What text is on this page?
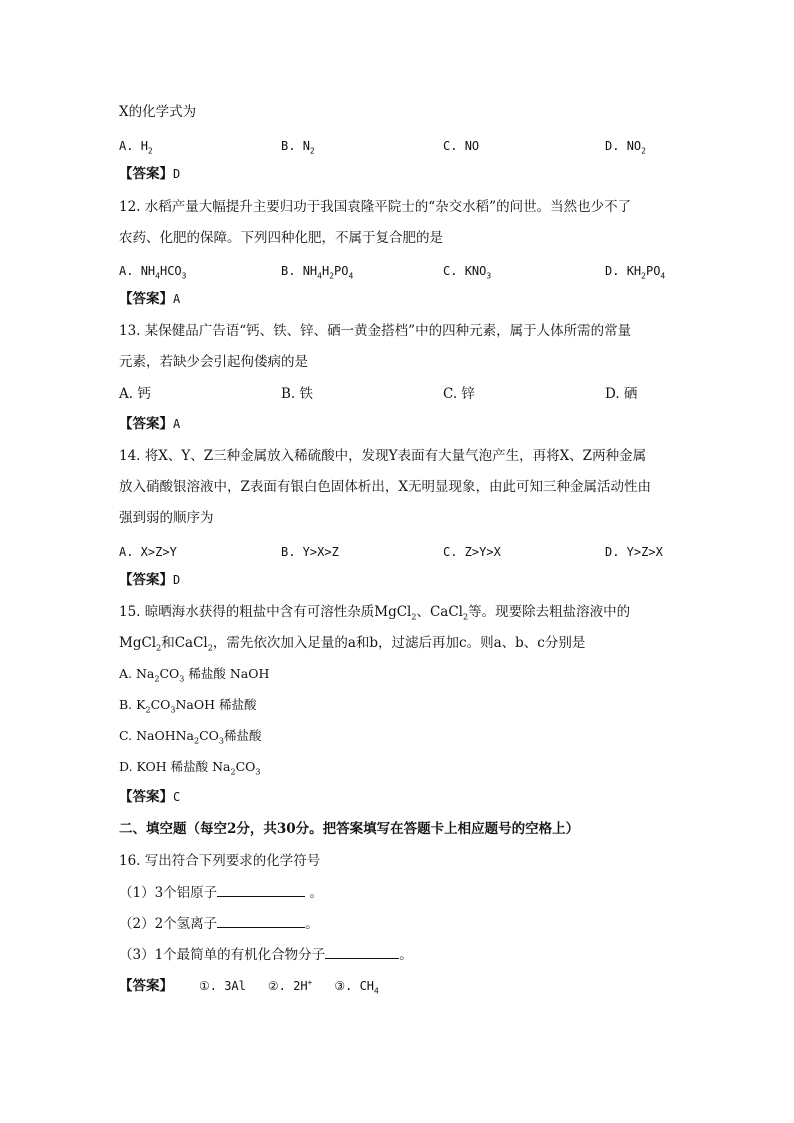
X的化学式为
A. $H_2$	B. $N_2$	C. NO	D. $NO_2$
【答案】D
12. 水稻产量大幅提升主要归功于我国袁隆平院士的“杂交水稻”的问世。当然也少不了
农药、化肥的保障。下列四种化肥，不属于复合肥的是
A. $NH_4HCO_3$	B. $NH_4H_2PO_4$	C. $KNO_3$	D. $KH_2PO_4$
【答案】A
13. 某保健品广告语“钙、铁、锌、硒一黄金搭档”中的四种元素，属于人体所需的常量
元素，若缺少会引起佝偻病的是
A. 钙	B. 铁	C. 锌	D. 硒
【答案】A
14. 将X、Y、Z三种金属放入稀硫酸中，发现Y表面有大量气泡产生，再将X、Z两种金属
放入硝酸银溶液中，Z表面有银白色固体析出，X无明显现象，由此可知三种金属活动性由
强到弱的顺序为
A. X>Z>Y	B. Y>X>Z	C. Z>Y>X	D. Y>Z>X
【答案】D
15. 晾晒海水获得的粗盐中含有可溶性杂质MgCl$_2$、CaCl$_2$等。现要除去粗盐溶液中的
MgCl$_2$和CaCl$_2$，需先依次加入足量的a和b，过滤后再加c。则a、b、c分别是
A. $Na_2CO_3$ 稀盐酸 NaOH
B. $K_2CO_3NaOH$ 稀盐酸
C. $NaOHNa_2CO_3$稀盐酸
D. KOH 稀盐酸 $Na_2CO_3$
【答案】C
二、填空题（每空2分，共30分。把答案填写在答题卡上相应题号的空格上）
16. 写出符合下列要求的化学符号
（1）3个铝原子	。
（2）2个氢离子	。
（3）1个最简单的有机化合物分子	。
【答案】 ①. 3Al ②. 2H+ ③. $CH_4$
